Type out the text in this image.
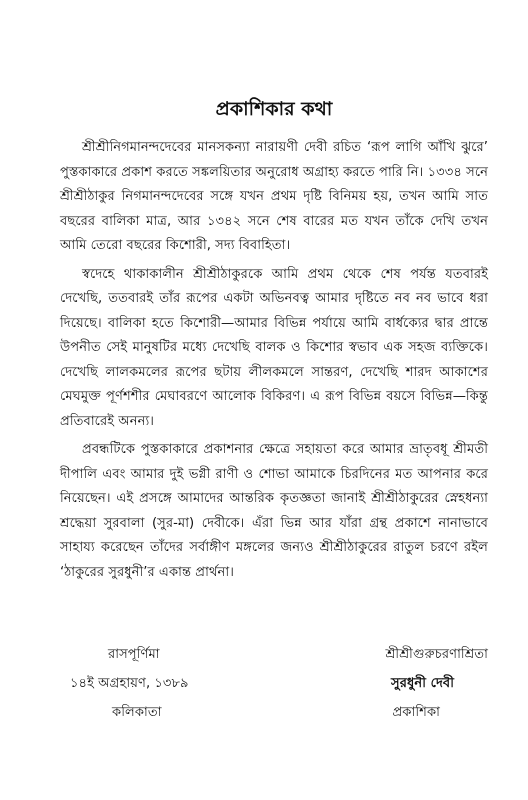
প্রকাশিকার কথা

শ্রীশ্রীনিগমানন্দদেবের মানসকন্যা নারায়ণী দেবী রচিত ‘রূপ লাগি আঁখি ঝুরে’ পুস্তকাকারে প্রকাশ করতে সঙ্কলয়িতার অনুরোধ অগ্রাহ্য করতে পারি নি। ১৩৩৪ সনে শ্রীশ্রীঠাকুর নিগমানন্দদেবের সঙ্গে যখন প্রথম দৃষ্টি বিনিময় হয়, তখন আমি সাত বছরের বালিকা মাত্র, আর ১৩৪২ সনে শেষ বারের মত যখন তাঁকে দেখি তখন আমি তেরো বছরের কিশোরী, সদ্য বিবাহিতা।

স্বদেহে থাকাকালীন শ্রীশ্রীঠাকুরকে আমি প্রথম থেকে শেষ পর্যন্ত যতবারই দেখেছি, ততবারই তাঁর রূপের একটা অভিনবত্ব আমার দৃষ্টিতে নব নব ভাবে ধরা দিয়েছে। বালিকা হতে কিশোরী—আমার বিভিন্ন পর্যায়ে আমি বার্ধক্যের দ্বার প্রান্তে উপনীত সেই মানুষটির মধ্যে দেখেছি বালক ও কিশোর স্বভাব এক সহজ ব্যক্তিকে। দেখেছি লালকমলের রূপের ছটায় লীলকমলে সান্তরণ, দেখেছি শারদ আকাশের মেঘমুক্ত পূর্ণশশীর মেঘাবরণে আলোক বিকিরণ। এ রূপ বিভিন্ন বয়সে বিভিন্ন—কিন্তু প্রতিবারেই অনন্য।

প্রবন্ধটিকে পুস্তকাকারে প্রকাশনার ক্ষেত্রে সহায়তা করে আমার ভ্রাতৃবধূ শ্রীমতী দীপালি এবং আমার দুই ভগ্নী রাণী ও শোভা আমাকে চিরদিনের মত আপনার করে নিয়েছেন। এই প্রসঙ্গে আমাদের আন্তরিক কৃতজ্ঞতা জানাই শ্রীশ্রীঠাকুরের স্নেহধন্যা শ্রদ্ধেয়া সুরবালা (সুর-মা) দেবীকে। এঁরা ভিন্ন আর যাঁরা গ্রন্থ প্রকাশে নানাভাবে সাহায্য করেছেন তাঁদের সর্বাঙ্গীণ মঙ্গলের জন্যও শ্রীশ্রীঠাকুরের রাতুল চরণে রইল ‘ঠাকুরের সুরধুনী’র একান্ত প্রার্থনা।

রাসপূর্ণিমা
১৪ই অগ্রহায়ণ, ১৩৮৯
কলিকাতা
শ্রীশ্রীগুরুচরণাশ্রিতা
সুরধুনী দেবী
প্রকাশিকা
